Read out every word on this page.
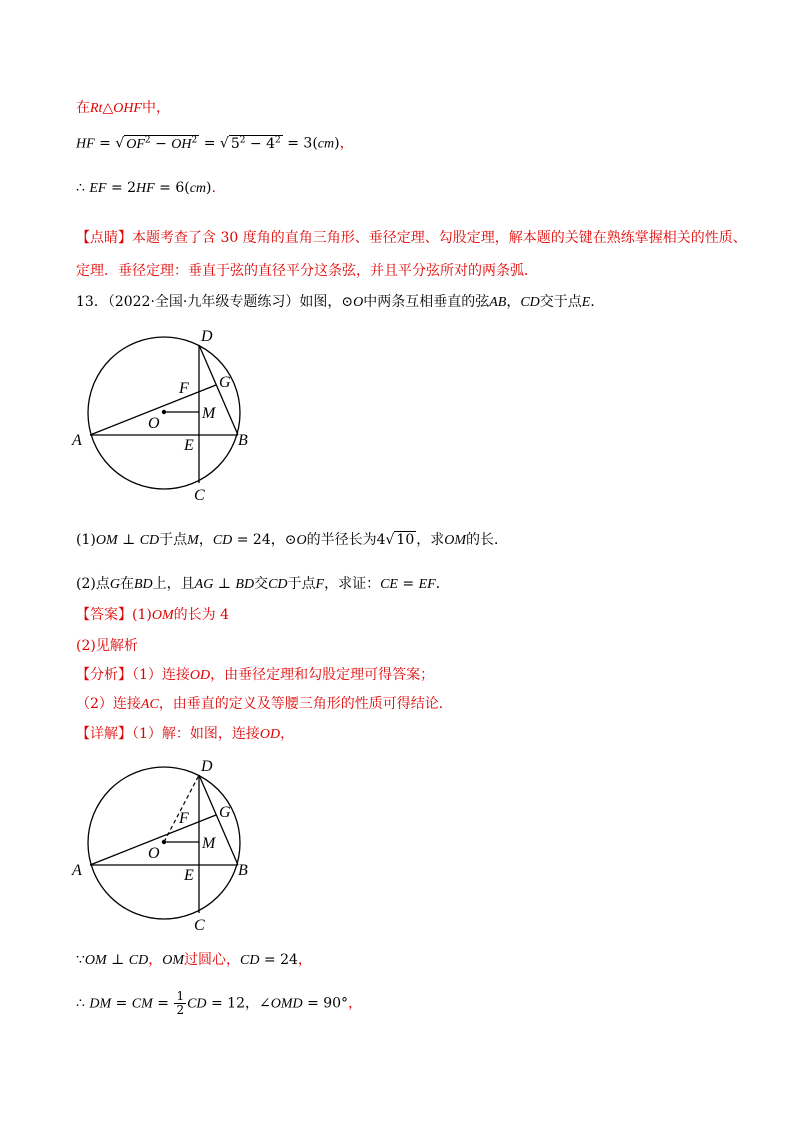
在Rt△OHF中，
HF = √ $OF^2 - OH^2$ = √ $5^2 - 4^2 = 3(cm)$，
∴ EF = 2HF = 6(cm).
【点睛】本题考查了含 30 度角的直角三角形、垂径定理、勾股定理，解本题的关键在熟练掌握相关的性质、
定理．垂径定理：垂直于弦的直径平分这条弦，并且平分弦所对的两条弧．
13．（2022·全国·九年级专题练习）如图，⊙O中两条互相垂直的弦AB，CD交于点E．
D
G
F
M
O
A	E	B
C
(1)OM ⊥ CD于点M，CD = 24，⊙O的半径长为4√ 10 ，求OM的长．
(2)点G在BD上，且AG ⊥ BD交CD于点F，求证：CE = EF．
【答案】(1)OM的长为 4
(2)见解析
【分析】（1）连接OD，由垂径定理和勾股定理可得答案；
（2）连接AC，由垂直的定义及等腰三角形的性质可得结论．
【详解】（1）解：如图，连接OD，
D
G
F
M
O
A	E	B
C
∵OM ⊥ CD，OM过圆心，CD = 24，
∴ DM = CM = $\frac{1}{2}$ CD = 12，∠OMD = 90°，
